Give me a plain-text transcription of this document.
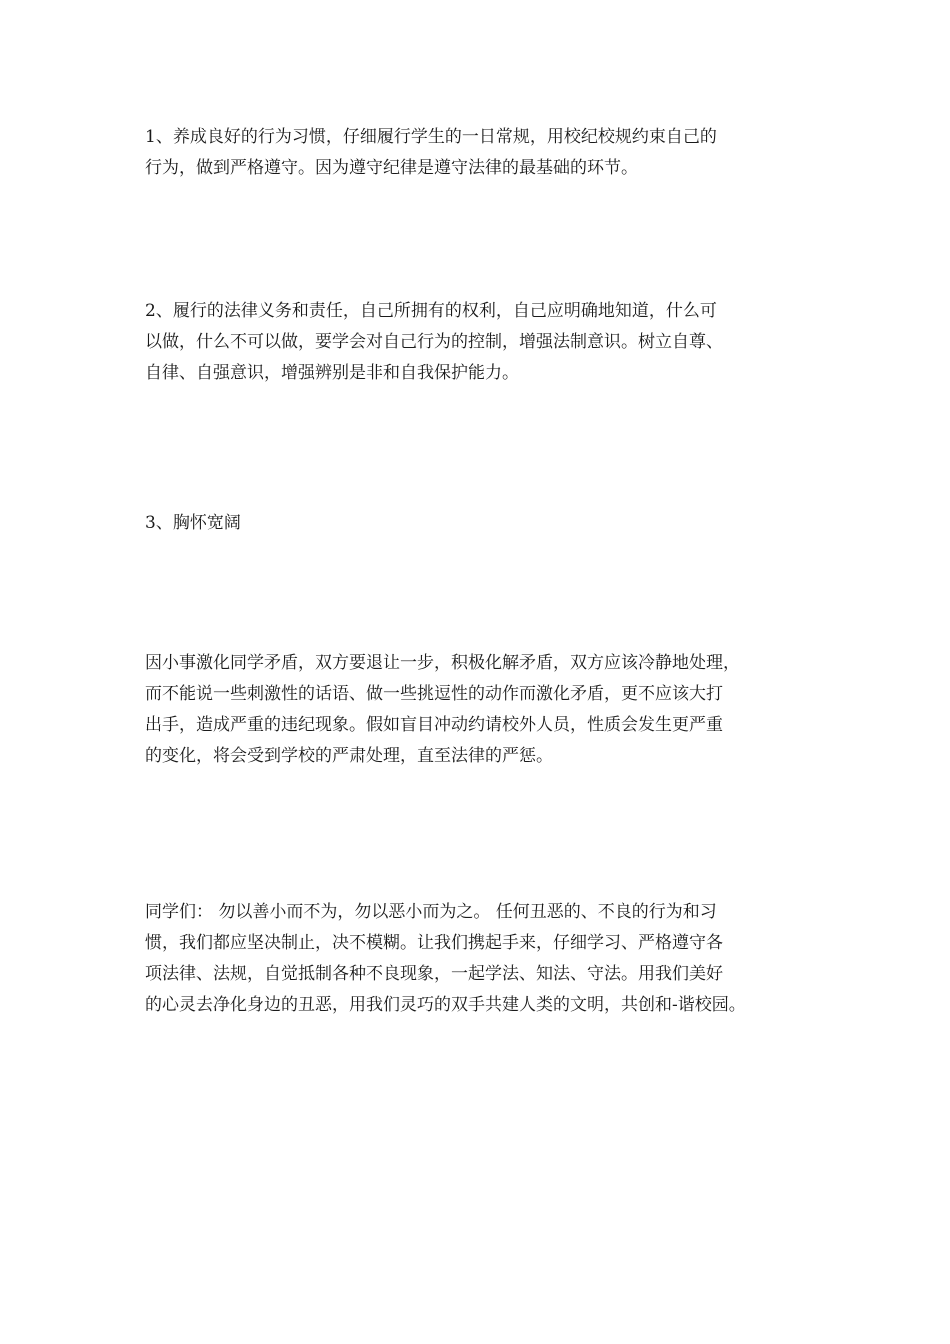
1、养成良好的行为习惯，仔细履行学生的一日常规，用校纪校规约束自己的
行为，做到严格遵守。因为遵守纪律是遵守法律的最基础的环节。
2、履行的法律义务和责任，自己所拥有的权利，自己应明确地知道，什么可
以做，什么不可以做，要学会对自己行为的控制，增强法制意识。树立自尊、
自律、自强意识，增强辨别是非和自我保护能力。
3、胸怀宽阔
因小事激化同学矛盾，双方要退让一步，积极化解矛盾，双方应该冷静地处理，
而不能说一些刺激性的话语、做一些挑逗性的动作而激化矛盾，更不应该大打
出手，造成严重的违纪现象。假如盲目冲动约请校外人员，性质会发生更严重
的变化，将会受到学校的严肃处理，直至法律的严惩。
同学们： 勿以善小而不为，勿以恶小而为之。 任何丑恶的、不良的行为和习
惯，我们都应坚决制止，决不模糊。让我们携起手来，仔细学习、严格遵守各
项法律、法规，自觉抵制各种不良现象，一起学法、知法、守法。用我们美好
的心灵去净化身边的丑恶，用我们灵巧的双手共建人类的文明，共创和-谐校园。
